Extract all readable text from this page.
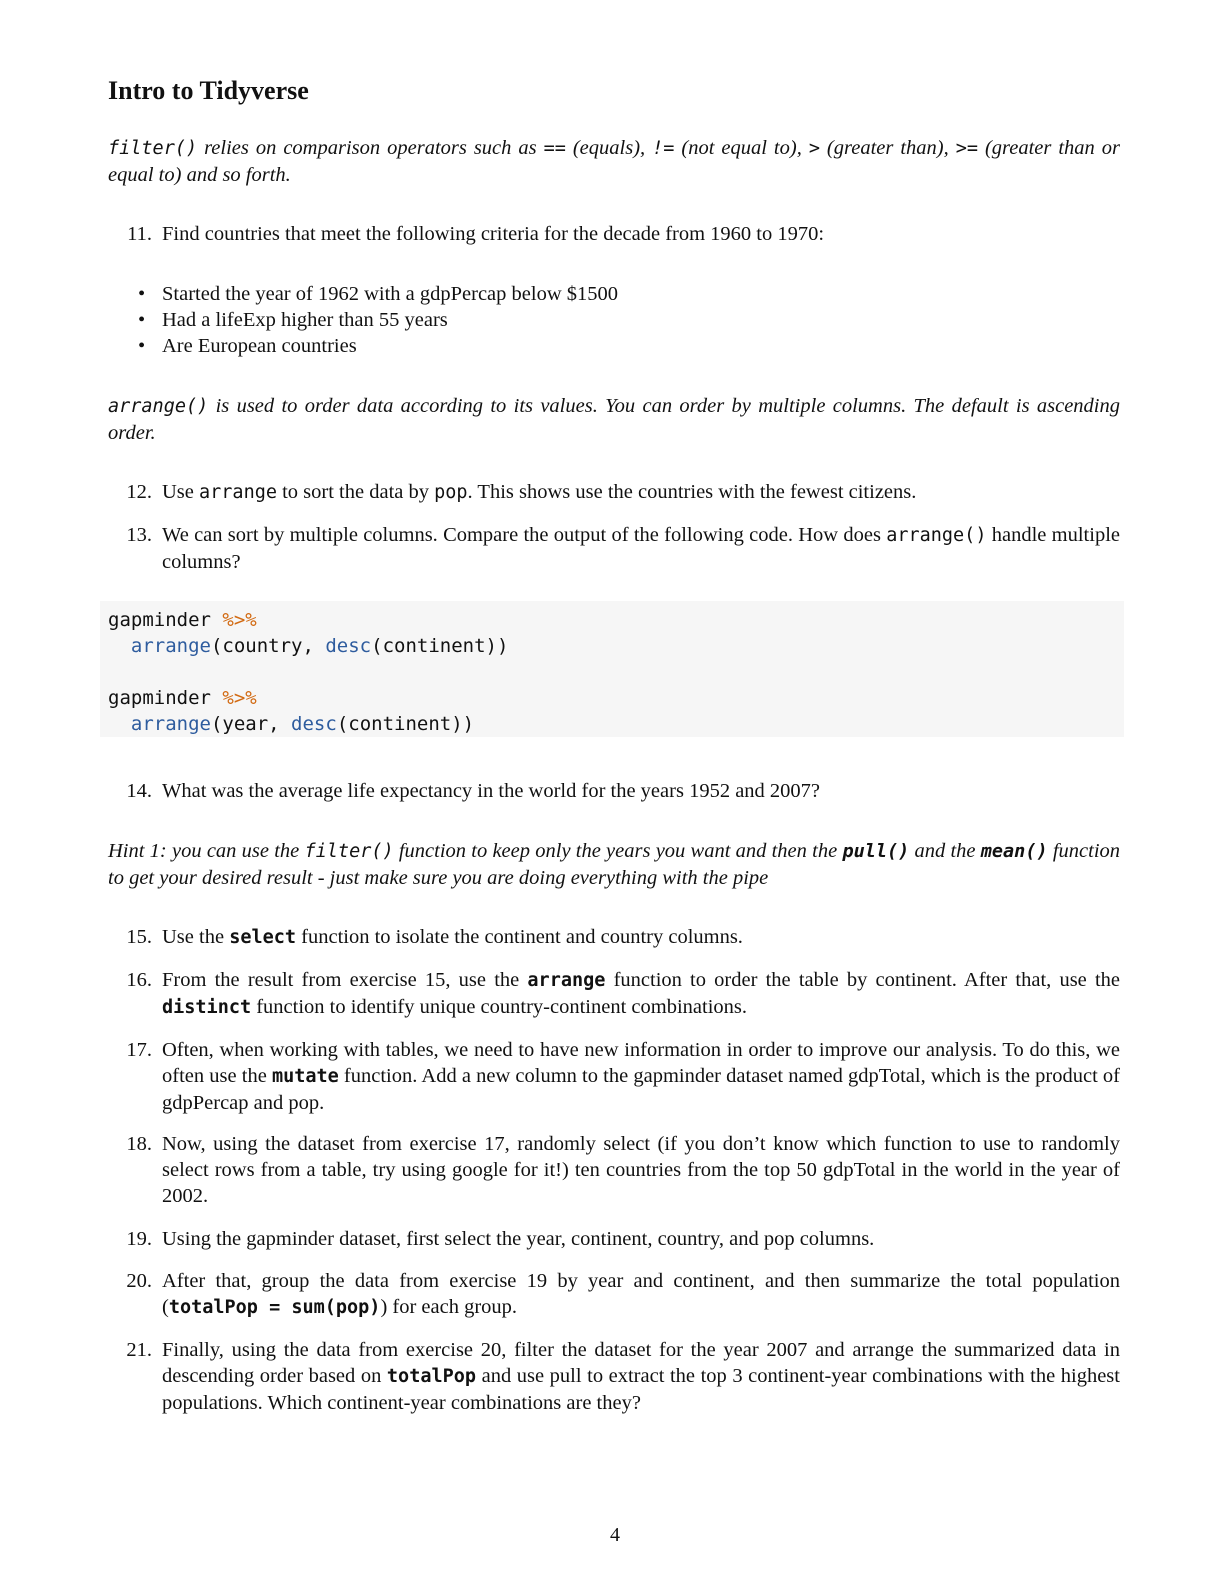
Intro to Tidyverse
filter() relies on comparison operators such as == (equals), != (not equal to), > (greater than), >= (greater than or equal to) and so forth.
11. Find countries that meet the following criteria for the decade from 1960 to 1970:
• Started the year of 1962 with a gdpPercap below $1500
• Had a lifeExp higher than 55 years
• Are European countries
arrange() is used to order data according to its values. You can order by multiple columns. The default is ascending order.
12. Use arrange to sort the data by pop. This shows use the countries with the fewest citizens.
13. We can sort by multiple columns. Compare the output of the following code. How does arrange() handle multiple columns?
gapminder %>%
arrange(country, desc(continent))

gapminder %>%
arrange(year, desc(continent))
14. What was the average life expectancy in the world for the years 1952 and 2007?
Hint 1: you can use the filter() function to keep only the years you want and then the pull() and the mean() function to get your desired result - just make sure you are doing everything with the pipe
15. Use the select function to isolate the continent and country columns.
16. From the result from exercise 15, use the arrange function to order the table by continent. After that, use the distinct function to identify unique country-continent combinations.
17. Often, when working with tables, we need to have new information in order to improve our analysis. To do this, we often use the mutate function. Add a new column to the gapminder dataset named gdpTotal, which is the product of gdpPercap and pop.
18. Now, using the dataset from exercise 17, randomly select (if you don’t know which function to use to randomly select rows from a table, try using google for it!) ten countries from the top 50 gdpTotal in the world in the year of 2002.
19. Using the gapminder dataset, first select the year, continent, country, and pop columns.
20. After that, group the data from exercise 19 by year and continent, and then summarize the total population (totalPop = sum(pop)) for each group.
21. Finally, using the data from exercise 20, filter the dataset for the year 2007 and arrange the summarized data in descending order based on totalPop and use pull to extract the top 3 continent-year combinations with the highest populations. Which continent-year combinations are they?
4
